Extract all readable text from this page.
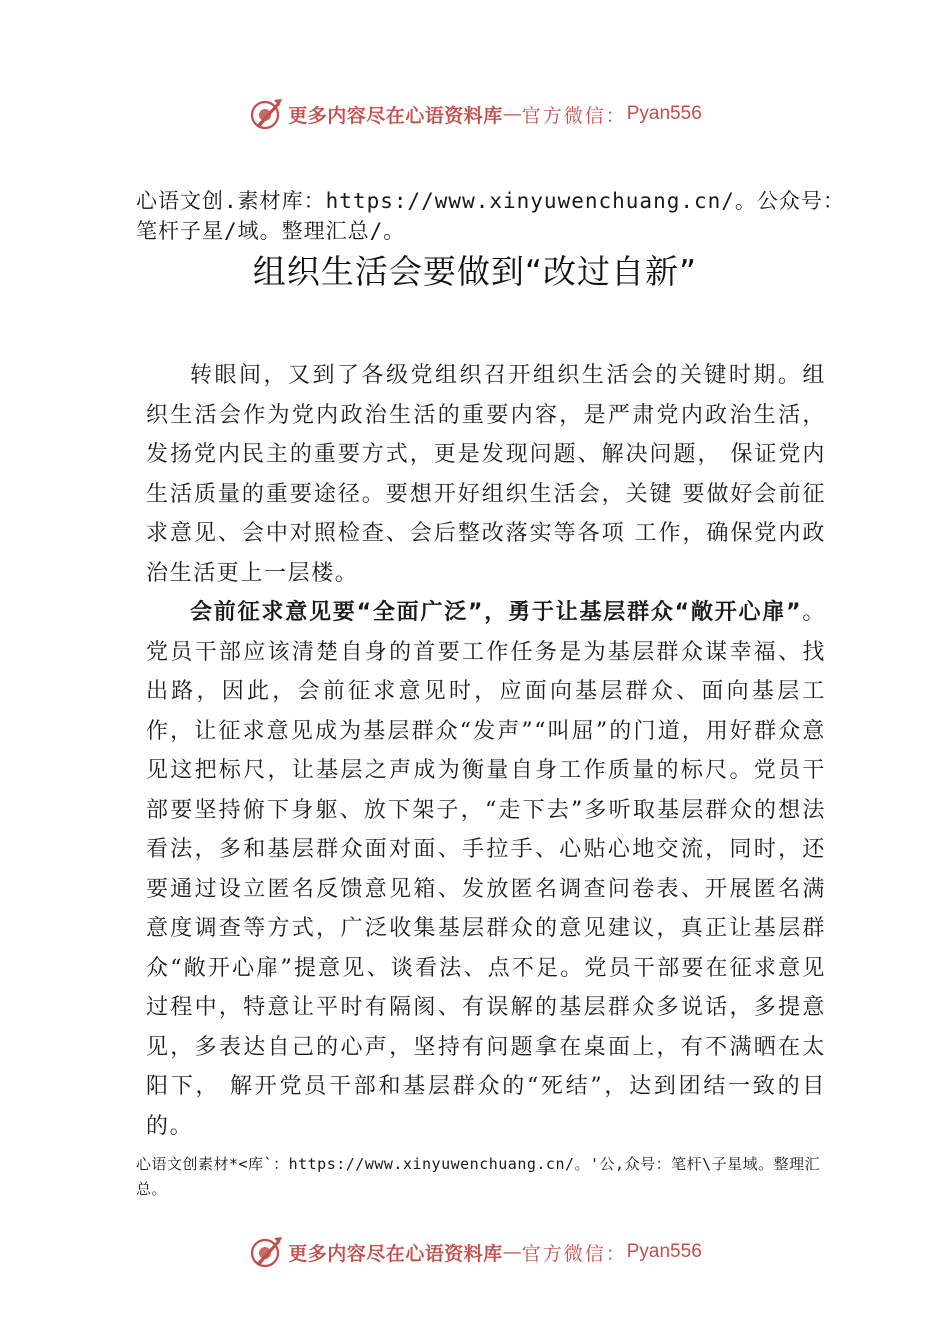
更多内容尽在心语资料库 — 官方微信： Pyan556
心语文创.素材库：https://www.xinyuwenchuang.cn/。公众号：笔杆子星/域。整理汇总/。
组织生活会要做到“改过自新”

转眼间，又到了各级党组织召开组织生活会的关键时期。组织生活会作为党内政治生活的重要内容，是严肃党内政治生活，发扬党内民主的重要方式，更是发现问题、解决问题， 保证党内生活质量的重要途径。要想开好组织生活会，关键 要做好会前征求意见、会中对照检查、会后整改落实等各项 工作，确保党内政治生活更上一层楼。

会前征求意见要“全面广泛”，勇于让基层群众“敞开心扉”。党员干部应该清楚自身的首要工作任务是为基层群众谋幸福、找出路，因此，会前征求意见时，应面向基层群众、面向基层工作，让征求意见成为基层群众“发声”“叫屈”的门道，用好群众意见这把标尺，让基层之声成为衡量自身工作质量的标尺。党员干部要坚持俯下身躯、放下架子，“走下去”多听取基层群众的想法看法，多和基层群众面对面、手拉手、心贴心地交流，同时，还要通过设立匿名反馈意见箱、发放匿名调查问卷表、开展匿名满意度调查等方式，广泛收集基层群众的意见建议，真正让基层群众“敞开心扉”提意见、谈看法、点不足。党员干部要在征求意见过程中，特意让平时有隔阂、有误解的基层群众多说话，多提意见，多表达自己的心声，坚持有问题拿在桌面上，有不满晒在太阳下， 解开党员干部和基层群众的“死结”，达到团结一致的目的。

心语文创素材*<库`：https://www.xinyuwenchuang.cn/。'公,众号：笔杆\子星域。整理汇总。
更多内容尽在心语资料库 — 官方微信： Pyan556
